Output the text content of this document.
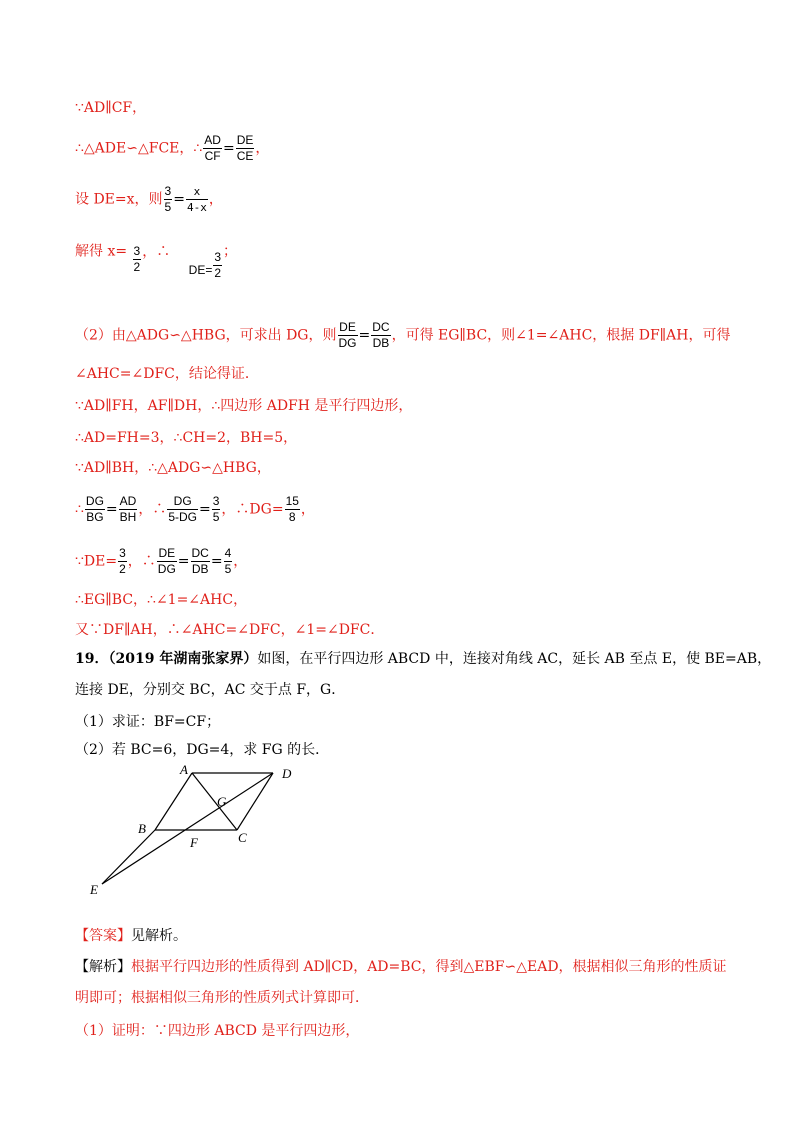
∵AD∥CF，
∴△ADE∽△FCE，∴ $\frac{AD}{CF} = \frac{DE}{CE}$ ，
设 DE=x，则 $\frac{3}{5} = \frac{x}{4-x}$ ，
解得 $x= \frac{3}{2}$ ，∴ $DE= \frac{3}{2}$ ；
（2）由△ADG∽△HBG，可求出 DG，则 $\frac{DE}{DG} = \frac{DC}{DB}$ ，可得 EG∥BC，则∠1=∠AHC，根据 DF∥AH，可得
∠AHC=∠DFC，结论得证．
∵AD∥FH，AF∥DH，∴四边形 ADFH 是平行四边形，
∴AD=FH=3，∴CH=2，BH=5，
∵AD∥BH，∴△ADG∽△HBG，
∴ $\frac{DG}{BG} = \frac{AD}{BH}$ ，∴ $\frac{DG}{5-DG} = \frac{3}{5}$ ，∴DG= $\frac{15}{8}$ ，
∵DE= $\frac{3}{2}$ ，∴ $\frac{DE}{DG} = \frac{DC}{DB} = \frac{4}{5}$ ，
∴EG∥BC，∴∠1=∠AHC，
又∵DF∥AH，∴∠AHC=∠DFC，∠1=∠DFC．
19．（2019 年湖南张家界）如图，在平行四边形 ABCD 中，连接对角线 AC，延长 AB 至点 E，使 BE=AB，
连接 DE，分别交 BC，AC 交于点 F，G．
（1）求证：BF=CF；
（2）若 BC=6，DG=4，求 FG 的长．
A	D
B
C
F
G
E
【答案】见解析。
【解析】根据平行四边形的性质得到 AD∥CD，AD=BC，得到△EBF∽△EAD，根据相似三角形的性质证
明即可；根据相似三角形的性质列式计算即可．
（1）证明：∵四边形 ABCD 是平行四边形，
